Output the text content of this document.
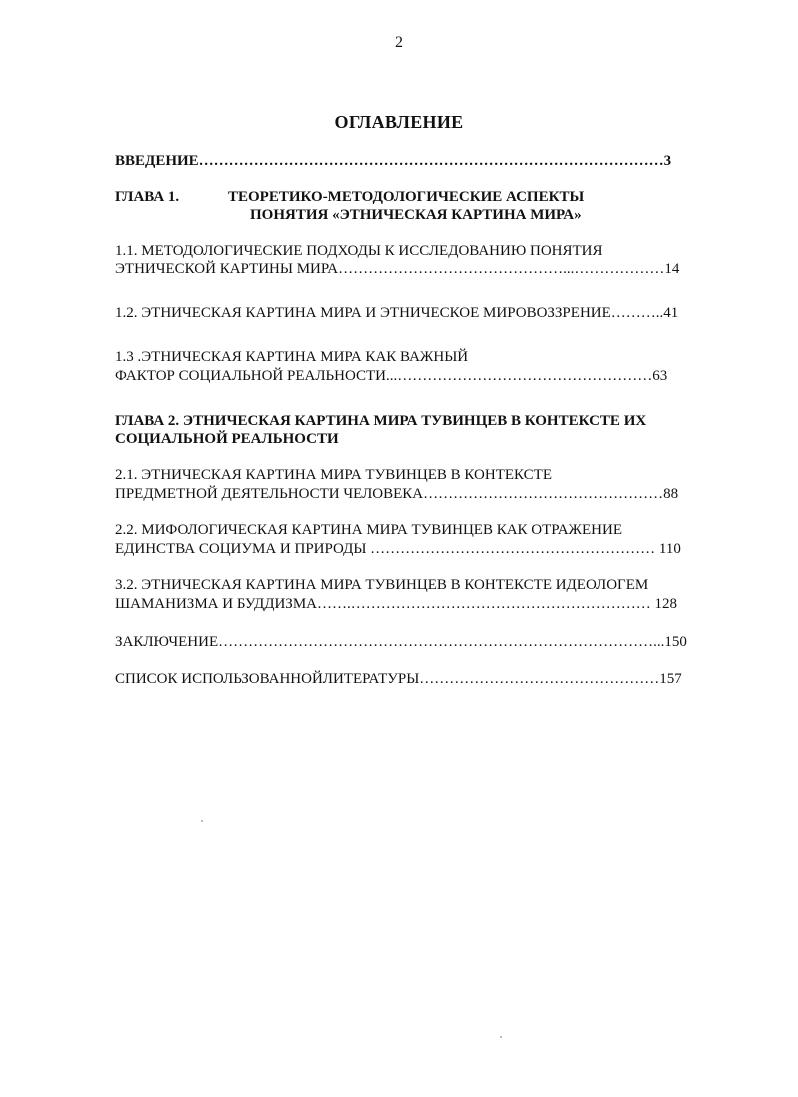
2
ОГЛАВЛЕНИЕ
ВВЕДЕНИЕ…………………………………………………………………………………3
ГЛАВА 1.	ТЕОРЕТИКО-МЕТОДОЛОГИЧЕСКИЕ АСПЕКТЫ
ПОНЯТИЯ «ЭТНИЧЕСКАЯ КАРТИНА МИРА»
1.1. МЕТОДОЛОГИЧЕСКИЕ ПОДХОДЫ К ИССЛЕДОВАНИЮ ПОНЯТИЯ
ЭТНИЧЕСКОЙ КАРТИНЫ МИРА………………………………………...………………14
1.2. ЭТНИЧЕСКАЯ КАРТИНА МИРА И ЭТНИЧЕСКОЕ МИРОВОЗЗРЕНИЕ………..41
1.3 .ЭТНИЧЕСКАЯ КАРТИНА МИРА КАК ВАЖНЫЙ
ФАКТОР СОЦИАЛЬНОЙ РЕАЛЬНОСТИ...……………………………………………63
ГЛАВА 2. ЭТНИЧЕСКАЯ КАРТИНА МИРА ТУВИНЦЕВ В КОНТЕКСТЕ ИХ
СОЦИАЛЬНОЙ РЕАЛЬНОСТИ
2.1. ЭТНИЧЕСКАЯ КАРТИНА МИРА ТУВИНЦЕВ В КОНТЕКСТЕ
ПРЕДМЕТНОЙ ДЕЯТЕЛЬНОСТИ ЧЕЛОВЕКА…………………………………………88
2.2. МИФОЛОГИЧЕСКАЯ КАРТИНА МИРА ТУВИНЦЕВ КАК ОТРАЖЕНИЕ
ЕДИНСТВА СОЦИУМА И ПРИРОДЫ ………………………………………………… 110
3.2. ЭТНИЧЕСКАЯ КАРТИНА МИРА ТУВИНЦЕВ В КОНТЕКСТЕ ИДЕОЛОГЕМ
ШАМАНИЗМА И БУДДИЗМА…….…………………………………………………… 128
ЗАКЛЮЧЕНИЕ……………………………………………………………………………...150
СПИСОК ИСПОЛЬЗОВАННОЙЛИТЕРАТУРЫ…………………………………………157
